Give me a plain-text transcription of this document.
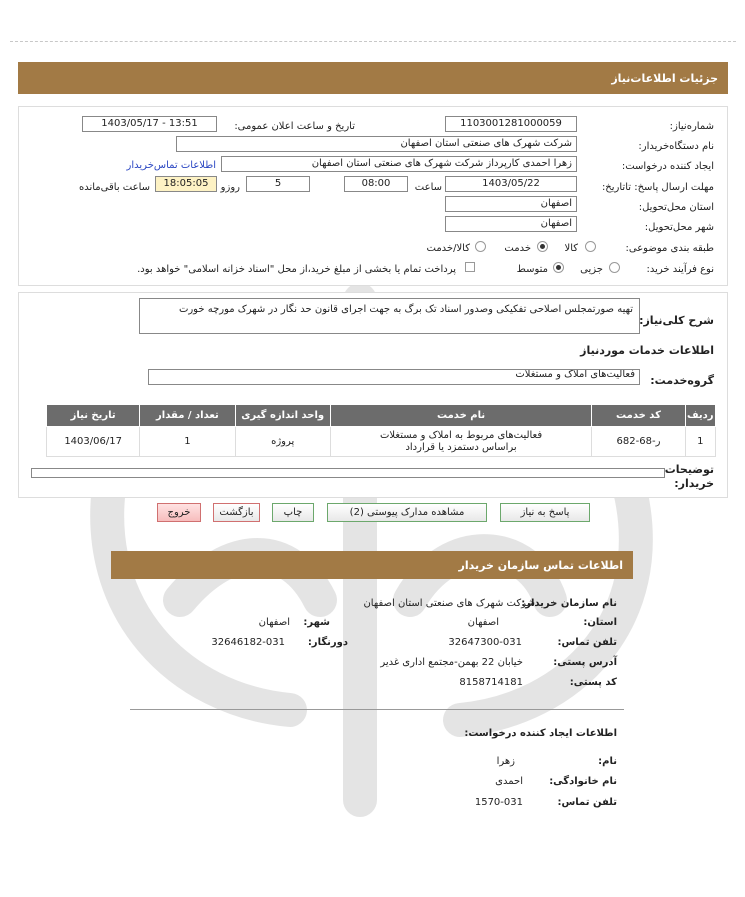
جزئیات اطلاعات‌نیاز
شماره‌نیاز:
1103001281000059
تاریخ و ساعت اعلان عمومی:
1403/05/17 - 13:51
نام دستگاه‌خریدار:
شرکت شهرک های صنعتی استان اصفهان
ایجاد کننده درخواست:
زهرا احمدی کارپرداز شرکت شهرک های صنعتی استان اصفهان
اطلاعات تماس‌خریدار
مهلت ارسال پاسخ: تاتاریخ:
1403/05/22
ساعت
08:00
5
روزو
18:05:05
ساعت باقی‌مانده
استان محل‌تحویل:
اصفهان
شهر محل‌تحویل:
اصفهان
طبقه بندی موضوعی:
کالا
خدمت
کالا/خدمت
نوع فرآیند خرید:
جزیی
متوسط
پرداخت تمام یا بخشی از مبلغ خرید،از محل "اسناد خزانه اسلامی" خواهد بود.
شرح کلی‌نیاز:
تهیه صورتمجلس اصلاحی تفکیکی وصدور اسناد تک برگ به جهت اجرای قانون حد نگار در شهرک مورچه خورت
اطلاعات خدمات موردنیاز
گروه‌خدمت:
فعالیت‌های املاک و مستغلات
ردیف	کد خدمت	نام خدمت	واحد اندازه گیری	تعداد / مقدار	تاریخ نیاز
1	ر-68-682	فعالیت‌های مربوط به املاک و مستغلات
براساس دستمزد یا قرارداد	پروژه	1	1403/06/17
توضیحات
خریدار:
پاسخ به نیاز
مشاهده مدارک پیوستی (2)
چاپ
بازگشت
خروج
اطلاعات تماس سازمان خریدار
نام سازمان خریدار:
شرکت شهرک های صنعتی استان اصفهان
استان:
اصفهان
شهر:
اصفهان
تلفن تماس:
32647300-031
دورنگار:
32646182-031
آدرس پستی:
خیابان 22 بهمن-مجتمع اداری غدیر
کد پستی:
8158714181
اطلاعات ایجاد کننده درخواست:
نام:
زهرا
نام خانوادگی:
احمدی
تلفن تماس:
1570-031
